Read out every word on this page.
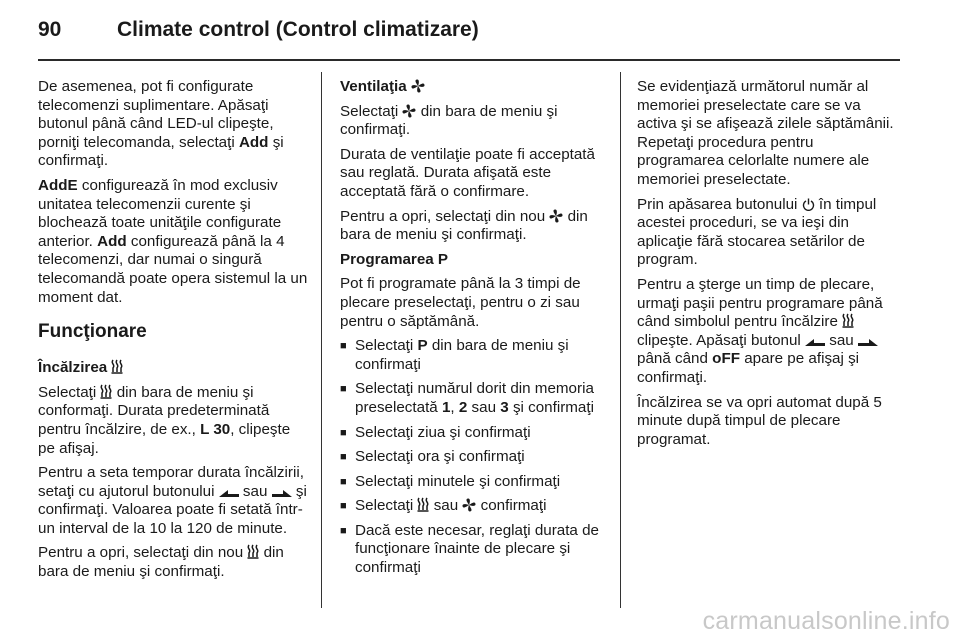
90	Climate control (Control climatizare)

De asemenea, pot fi configurate telecomenzi suplimentare. Apăsaţi butonul până când LED-ul clipeşte, porniţi telecomanda, selectaţi Add şi confirmaţi.

AddE configurează în mod exclusiv unitatea telecomenzii curente şi blochează toate unităţile configurate anterior. Add configurează până la 4 telecomenzi, dar numai o singură telecomandă poate opera sistemul la un moment dat.

Funcţionare

Încălzirea

Selectaţi
din bara de meniu şi conformaţi. Durata predeterminată pentru încălzire, de ex., L 30, clipeşte pe afişaj.

Pentru a seta temporar durata încălzirii, setaţi cu ajutorul butonului
sau
şi confirmaţi. Valoarea poate fi setată într-un interval de la 10 la 120 de minute.

Pentru a opri, selectaţi din nou
din bara de meniu şi confirmaţi.

Ventilaţia

Selectaţi
din bara de meniu şi confirmaţi.

Durata de ventilaţie poate fi acceptată sau reglată. Durata afişată este acceptată fără o confirmare.

Pentru a opri, selectaţi din nou
din bara de meniu şi confirmaţi.

Programarea P

Pot fi programate până la 3 timpi de plecare preselectaţi, pentru o zi sau pentru o săptămână.

■ Selectaţi P din bara de meniu şi confirmaţi
■ Selectaţi numărul dorit din memoria preselectată 1, 2 sau 3 şi confirmaţi
■ Selectaţi ziua şi confirmaţi
■ Selectaţi ora şi confirmaţi
■ Selectaţi minutele şi confirmaţi
■ Selectaţi
sau
confirmaţi
■ Dacă este necesar, reglaţi durata de funcţionare înainte de plecare şi confirmaţi

Se evidenţiază următorul număr al memoriei preselectate care se va activa şi se afişează zilele săptămânii. Repetaţi procedura pentru programarea celorlalte numere ale memoriei preselectate.

Prin apăsarea butonului
în timpul acestei proceduri, se va ieşi din aplicaţie fără stocarea setărilor de program.

Pentru a şterge un timp de plecare, urmaţi paşii pentru programare până când simbolul pentru încălzire
clipeşte. Apăsaţi butonul
sau
până când oFF apare pe afişaj şi confirmaţi.

Încălzirea se va opri automat după 5 minute după timpul de plecare programat.

carmanualsonline.info
